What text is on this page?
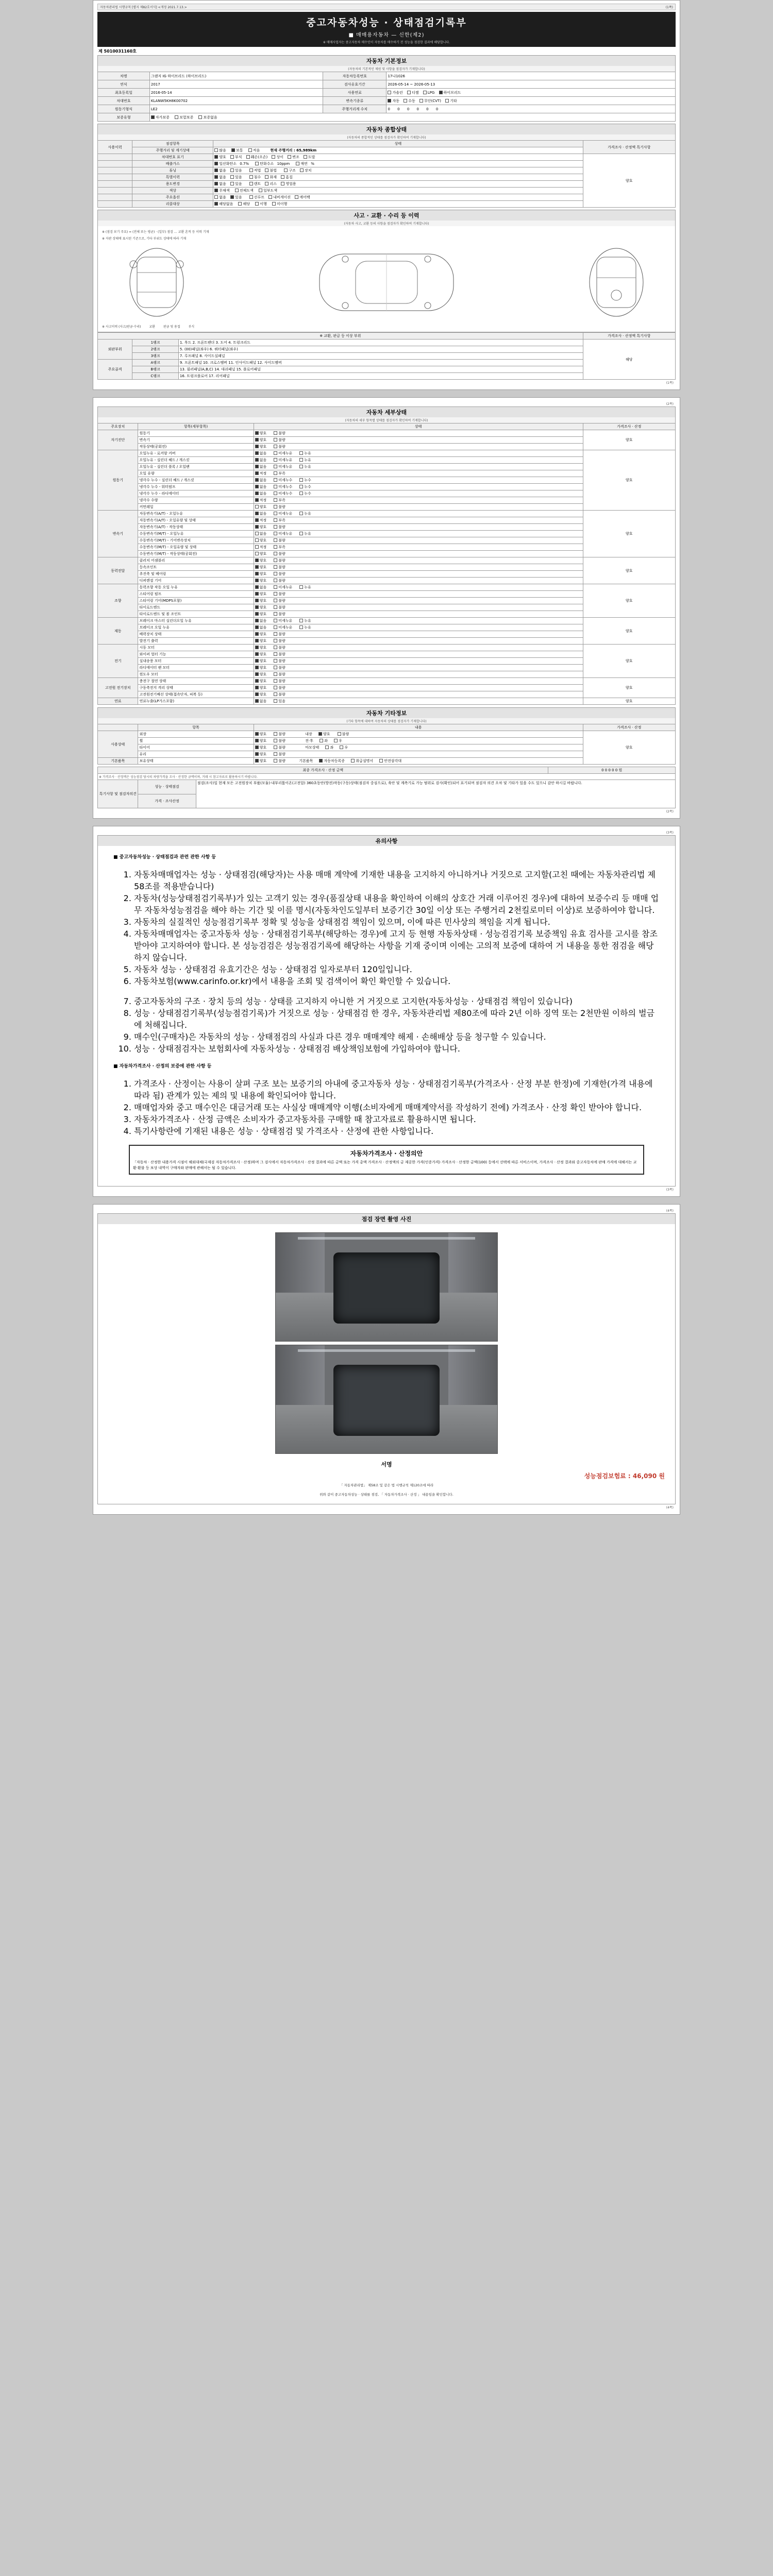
자동차관리법 시행규칙 [별지 제82호서식] <개정 2021.7.13.>	(1쪽)
중고자동차성능 · 상태점검기록부
■ 매매용자동차 — 신한(제2)
※ 매매사업자는 중고자동차 매수인이 자동차를 매수하기 전 성능을 점검한 결과에 해당합니다.
제 5010031160호
자동차 기본정보
(자동차의 기본적인 제원 및 사항을 점검자가 기재합니다)
차명	그랜저 IG 하이브리드 (하이브리드)	자동차등록번호	17나1026
연식	2017	검사유효기간	2026-05-14 ~ 2026-05-13
최초등록일	2016-05-14	사용연료	가솔린 디젤 LPG 하이브리드
차대번호	KLANW5KH8K00702	변속기종류	자동 수동 무단(CVT) 기타
원동기형식	LE2	주행거리계 수치	0 0 0 0 0 0
보증유형	자가보증 보험보증 보증없음		
자동차 종합상태
(자동차의 종합적인 상태를 점검자가 확인하여 기재합니다)
사용이력	점검항목	상태	가격조사 · 산정액 특기사항
	주행거리 및 계기상태	많음 보통 적음 현재 주행거리 : 65,989km	
	차대번호 표기	양호 부식 훼손(오손) 상이 변조 도말	양호
	배출가스	일산화탄소 0.7% 탄화수소 10ppm 매연 %	
	튜닝	없음 있음 적법 불법 구조 장치	
	특별이력	없음 있음 침수 화재 흠집	
	용도변경	없음 있음 렌트 리스 영업용	
	색상	무채색 전체도색 일부도색	
	주요옵션	없음 있음 선루프 내비게이션 에어백	
	리콜대상	해당없음 해당 이행 미이행	
사고 · 교환 · 수리 등 이력
(자동차 사고, 교환 등의 사항을 점검자가 확인하여 기재합니다)
※ (점검 보기 주요) = (전체 또는 평균) · (일부) 점검 … 교환 흔적 등 이력 기재
※ 자판 상태에 표시된 기준으로, 기타 부위도 상태에 따라 기재
※ 사고이력 (사고/판금·수리)	교환	판금 및 용접	부식
※ 교환, 판금 등 이상 부위			가격조사 · 산정액 특기사항
외판부위	1랭크	1. 후드 2. 프론트팬더 3. 도어 4. 트렁크리드	해당
	2랭크	5. (00)패널(좌우) 6. 쿼터패널(좌우)	
	3랭크	7. 루프패널 8. 사이드실패널	
주요골격	A랭크	9. 프론트패널 10. 크로스멤버 11. 인사이드패널 12. 사이드멤버	
	B랭크	13. 필러패널(A,B,C) 14. 대쉬패널 15. 플로어패널	
	C랭크	16. 트렁크플로어 17. 리어패널	
(1쪽)
(2쪽)
자동차 세부상태
(자동차의 세부 항목별 상태를 점검자가 확인하여 기재합니다)
주요장치	항목(세부항목)	상태	가격조사 · 산정
자기진단	원동기	양호 불량	양호
	변속기	양호 불량	
	작동상태(공회전)	양호 불량	
원동기	오일누유 - 로커암 커버	없음 미세누유 누유	양호
	오일누유 - 실린더 헤드 / 개스킷	없음 미세누유 누유	
	오일누유 - 실린더 블록 / 오일팬	없음 미세누유 누유	
	오일 유량	적정 부족	
	냉각수 누수 - 실린더 헤드 / 개스킷	없음 미세누수 누수	
	냉각수 누수 - 워터펌프	없음 미세누수 누수	
	냉각수 누수 - 라디에이터	없음 미세누수 누수	
	냉각수 수량	적정 부족	
	커먼레일	양호 불량	
변속기	자동변속기(A/T) - 오일누유	없음 미세누유 누유	양호
	자동변속기(A/T) - 오일유량 및 상태	적정 부족	
	자동변속기(A/T) - 작동상태	양호 불량	
	수동변속기(M/T) - 오일누유	없음 미세누유 누유	
	수동변속기(M/T) - 기어변속장치	양호 불량	
	수동변속기(M/T) - 오일유량 및 상태	적정 부족	
	수동변속기(M/T) - 작동상태(공회전)	양호 불량	
동력전달	클러치 어셈블리	양호 불량	양호
	등속조인트	양호 불량	
	추진축 및 베어링	양호 불량	
	디퍼렌셜 기어	양호 불량	
조향	동력조향 작동 오일 누유	없음 미세누유 누유	양호
	스티어링 펌프	양호 불량	
	스티어링 기어(MDPS포함)	양호 불량	
	타이로드엔드	양호 불량	
	타이로드엔드 및 볼 조인트	양호 불량	
제동	브레이크 마스터 실린더오일 누유	없음 미세누유 누유	양호
	브레이크 오일 누유	없음 미세누유 누유	
	배력장치 상태	양호 불량	
	발전기 출력	양호 불량	
전기	시동 모터	양호 불량	양호
	와이퍼 업터 기능	양호 불량	
	실내송풍 모터	양호 불량	
	라디에이터 팬 모터	양호 불량	
	윈도우 모터	양호 불량	
고전원 전기장치	충전구 절연 상태	양호 불량	양호
	구동축전지 격리 상태	양호 불량	
	고전원전기배선 상태(접속단자, 피복 등)	양호 불량	
연료	연료누출(LP가스포함)	없음 있음	양호
자동차 기타정보
(기타 항목에 대하여 자동차의 상태를 점검자가 기재합니다)
	항목	내용	가격조사 · 산정
사용상태	외장	양호 불량 내장 양호 불량	양호
	휠	양호 불량 전·후 좌 우	
	타이어	양호 불량 마모상태 좌 우	
	유리	양호 불량	
기본품목	보유상태	양호 불량 기본품목 자동차등록증 취급설명서 안전삼각대	
최종 가격조사 · 산정 금액			0 0 0 0 0 원
※ 가격조사 · 산정액은 성능점검 당시의 차량가격을 조사 · 산정한 금액이며, 거래 시 참고자료로 활용하시기 바랍니다.			
특기사항 및 점검자의견	성능 · 상태점검	점검(조사)일 현재 모든 고전원장치 부품(모듈)·내부리튬이온(고전압) 360초동안(방전)작동(구동)상태(점검자 중심으로), 육안 및 계측기로 가능 범위로 검사(확인)되어 표기되며 점검자 의견 오차 및 기타가 있을 수도 있으니 감안 하시길 바랍니다.	
	가격 · 조사산정		
(2쪽)
(3쪽)
유의사항
■ 중고자동차성능 · 상태점검과 관련 관한 사항 등
1. 자동차매매업자는 성능 · 상태점검(해당자)는 사용 매매 계약에 기재한 내용을 고지하지 아니하거나 거짓으로 고지할(고친 때에는 자동차관리법 제58조를 적용받습니다)
2. 자동차(성능상태점검기록부)가 있는 고객기 있는 경우(품질상태 내용을 확인하여 이해의 상호간 거래 이루어진 경우)에 대하여 보증수리 등 매매 업무 자동차성능점검을 해야 하는 기간 및 이를 명시(자동차인도일부터 보증기간 30일 이상 또는 주행거리 2천킬로미터 이상)로 보증하여야 합니다.
3. 자동차의 실질적인 성능점검기록부 정확 및 성능을 상태점검 책임이 있으며, 이에 따른 민사상의 책임을 지게 됩니다.
4. 자동차매매업자는 중고자동차 성능 · 상태점검기록부(해당하는 경우)에 고지 등 현행 자동차상태 · 성능검검기록 보증책임 유효 검사를 고시를 참조받아야 고지하여야 합니다. 본 성능검검은 성능점검기록에 해당하는 사항을 기재 중이며 이에는 고의적 보증에 대하여 거 내용을 통한 점검을 해당하지 않습니다.
5. 자동차 성능 · 상태점검 유효기간은 성능 · 상태점검 일자로부터 120일입니다.
6. 자동차보험(www.carinfo.or.kr)에서 내용을 조회 및 검색이어 확인 확인할 수 있습니다.
7. 중고자동차의 구조 · 장치 등의 성능 · 상태를 고지하지 아니한 거 거짓으로 고지한(자동차성능 · 상태점검 책임이 있습니다)
8. 성능 · 상태점검기록부(성능점검기록)가 거짓으로 성능 · 상태점검 한 경우, 자동차관리법 제80조에 따라 2년 이하 징역 또는 2천만원 이하의 벌금에 처해집니다.
9. 매수인(구매자)은 자동차의 성능 · 상태점검의 사실과 다른 경우 매매계약 해제 · 손해배상 등을 청구할 수 있습니다.
10. 성능 · 상태점검자는 보험회사에 자동차성능 · 상태점검 배상책임보험에 가입하여야 합니다.
■ 자동차가격조사 · 산정의 보증에 관한 사항 등
1. 가격조사 · 산정이는 사용이 살펴 구조 보는 보증기의 아내에 중고자동차 성능 · 상태점검기록부(가격조사 · 산정 부분 한정)에 기재한(가격 내용에 따라 됨) 관계가 있는 제의 및 내용에 확인되어야 합니다.
2. 매매업자와 중고 매수인은 대금거래 또는 사실상 매매계약 이행(소비자에게 매매계약서를 작성하기 전에) 가격조사 · 산정 확인 받아야 합니다.
3. 자동차가격조사 · 산정 금액은 소비자가 중고자동차를 구매할 때 참고자료로 활용하시면 됩니다.
4. 특기사항란에 기재된 내용은 성능 · 상태점검 및 가격조사 · 산정에 관한 사항입니다.
자동차가격조사 · 산정의안
「자동차 · 산정한 내용가격 시점이 해외대체(국제검 자동차가격조사 · 산정)하며 그 검사에서 자동차가격조사 · 산정 결과에 따른 금액 또는 가격 총액 가격조사 · 산정액의 금 제공한 가격(인증가격) 가격조사 · 산정한 금액(100) 등에서 선택에 따른 서비스이며, 가격조사 · 산정 결과와 중고자동차에 판매 가격에 대해서는 교환·환불 등 보상 내역이 구매자와 판매에 관해서는 될 수 있습니다.
(3쪽)
(4쪽)
점검 장면 촬영 사진
서명
성능점검보험료 : 46,090 원
「 자동차관리법」 제58조 및 같은 법 시행규칙 제120조에 따라
위와 같이 중고자동차성능 · 상태를 점검, 「 자동차가격조사 · 산정 」 내용임을 확인합니다.
(4쪽)
